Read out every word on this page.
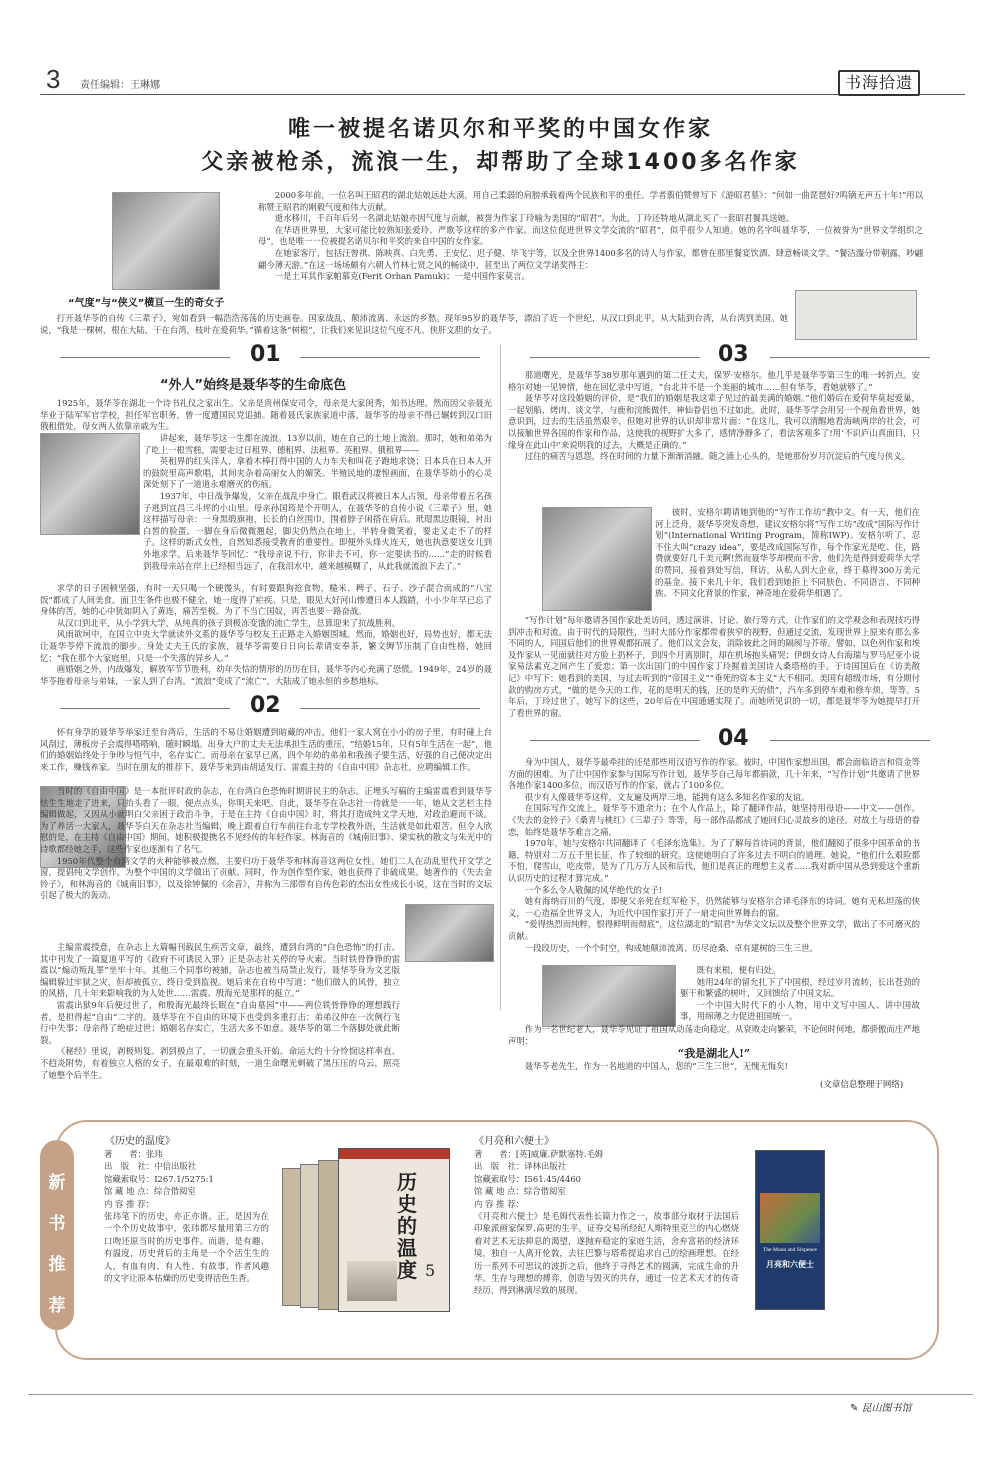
3 责任编辑：王琳娜	书海拾遗
唯一被提名诺贝尔和平奖的中国女作家
父亲被枪杀，流浪一生，却帮助了全球1400多名作家
“气度”与“侠义”横亘一生的奇女子

2000多年前，一位名叫王昭君的湖北姑娘远赴大漠，用自己柔弱的肩膀承载着两个民族和平的重任。学者翦伯赞曾写下《游昭君墓》：“何如一曲琵琶好?鸣镝无声五十年!”用以称赞王昭君的刚毅气度和伟大贡献。

逝水移川，千百年后另一名湖北姑娘亦因气度与贡献，被誉为作家丁玲喻为美国的“昭君”。为此，丁玲还特地从湖北买了一套昭君餐具送她。

在华语世界里，大家可能比较熟知张爱玲、严歌苓这样的多产作家。而这位促进世界文学交流的“昭君”，似乎很少人知道。她的名字叫聂华苓，一位被誉为“世界文学组织之母”，也是唯一一位被提名诺贝尔和平奖的来自中国的女作家。

在她家客厅，包括汪曾祺、陈映真、白先勇、王安忆、迟子健、毕飞宇等，以及全世界1400多名的诗人与作家，都曾在那里餐宴饮酒、肆意畅谈文学。“餐洁瀣分带朝露，吵翩翩今薄天游。”在这一场场颇有六朝人竹林七贤之风的畅谈中，甚至出了两位文学诺奖得主：

一是土耳其作家帕慕克(Ferit Orhan Pamuk)；一是中国作家莫言。

打开聂华苓的自传《三辈子》，宛如看到一幅浩浩荡荡的历史画卷。国家战乱、颠沛流离、永远的乡愁。现年95岁的聂华苓，漂泊了近一个世纪，从汉口到北平，从大陆到台湾，从台湾到美国。她说，“我是一棵树，根在大陆，干在台湾，枝叶在爱荷华。”循着这条“树根”，让我们来见识这位气度不凡、侠肝义胆的女子。

01
“外人”始终是聂华苓的生命底色

1925年，聂华苓在湖北一个诗书礼仪之家出生。父亲是贵州保安司令，母亲是大家闺秀，知书达理。然而因父亲聂光华业于陆军军官学校，担任军官职务，曾一度遭国民党追捕。随着聂氏家族家道中落，聂华苓的母亲不得已辗转到汉口旧俄租借处，母女两人依靠亲戚为生。

讲起来，聂华苓这一生都在流浪。13岁以前，她在自己的土地上流浪。那时，她和弟弟为了吃上一根雪糕，需要走过日租界、德租界、法租界、英租界、俄租界——

英租界的红头洋人，拿着木棒打得中国的人力车夫和叫花子跑地求饶；日本兵在日本人开的鼓院里高声歌唱，其间夹杂着高丽女人的媚笑。半殖民地的凄惶画面，在聂华苓幼小的心灵深处刻下了一道道永难磨灭的伤痕。

1937年，中日战争爆发，父亲在战乱中身亡。眼看武汉将被日本人占领，母亲带着五名孩子逃到宜昌三斗坪的小山里。母亲孙国筠是个开明人，在聂华苓的自传小说《三辈子》里，她这样描写母亲：一身黑缎旗袍，长长的白丝围巾，围着脖子闲搭在肩后。玳瑁黑边眼镜，衬出白皙的脸蛋。一脚在身后微微翘起，脚尖仍然点在地上，半转身微笑着，要走又走不了的样子。这样的新式女性，自然知悉接受教育的重要性。即便外头烽火连天，她也执意要送女儿到外地求学。后来聂华苓回忆：“我母亲说不行，你非去不可，你一定要读书的……”走的时候看到我母亲站在岸上已经相当远了，在我泪水中，越来越模糊了，从此我就流浪下去了。”

求学的日子困顿坚强，有时一天只喝一个硬馒头，有时要跟狗抢食物，糙米、稗子、石子、沙子混合而成的“八宝饭”都成了人间美食。面卫生条件也极不健全，她一度得了疟疾。只是，眼见大好河山惨遭日本人践踏，小小少年早已忘了身体的苦，她的心中犹如阴入了黄连，痛苦至极。为了不当亡国奴，再苦也要一路奋战。

从汉口到北平，从小学到大学，从纯真的孩子到极冻变饿的流亡学生，总算迎来了抗战胜利。

风雨欲坷中，在国立中央大学就读外文系的聂华苓与校友王正路走入婚姻围城。然而，婚姻也好，局势也好，都无法让聂华苓停下流浪的脚步。身处丈夫王氏的家族，聂华苓需要日日向长辈请安奉茶，繁文缛节压制了自由性格，她回忆：“我在那个大家庭里，只是一个失落的异乡人。”

画婚姻之外，内战爆发，解放军节节胜利，幼年失怙的情形的历历在目，聂华苓内心充满了恐慌。1949年，24岁的聂华苓拖着母亲与弟妹，一家人到了台湾。“流浪”变成了“流亡”，大陆成了她永恒的乡愁地标。

02

怀有身孕的聂华苓举家迁至台湾后，生活的不易让婚姻遭到暗藏的冲击。他们一家人窝在小小的房子里，有时碰上台风刮过，薄板房子会震得嗒嗒响，随时瞬塌。出身大户的丈夫无法承担生活的重压，“结婚15年，只有5年生活在一起”，他们的婚姻始终处于争吵与恒气中，名存实亡。而母亲在家早已离，四个年幼的弟弟和我孩子要生活，好强的自己便决定出来工作，赚钱养家。当时在朋友的推荐下，聂华苓来到由胡适发行、雷震主持的《自由中国》杂志社，应聘编辑工作。

当时的《自由中国》是一本批评时政的杂志，在台湾白色恐怖时期讲民主的杂志。正埋头写稿的主编雷震看到聂华苓怯生生地走了进来，只抬头看了一眼，便点点头，你明天来吧。自此，聂华苓在杂志社一待就是一一年，她从文艺栏主持编辑做起，又因从小就明白父亲困于政治斗争，于是在主持《自由中国》时，将其打造成纯文学天地，对政治避而不谈。为了养活一大家人，聂华苓白天在杂志社当编辑，晚上跟着自行车前往台北专学校教外语，生活就是如此艰苦。但令人欣慰的是，在主持《自由中国》期间，她积极提携名不见经传的年轻作家。林海音的《城南旧事》、梁实秋的散文与朱光中的诗歌都经她之手，这些作家也逐渐有了名气。

1950年代整个台湾文学的火种能够被点燃，主要归功于聂华苓和林海音这两位女性。她们二人在动乱里代开文学之窗，提倡纯文学创作，为整个中国的文学做出了贡献。同时，作为创作型作家，她也获得了非硫成果。她著作的《失去金铃子》，和林海音的《城南旧事》，以及徐钟佩的《余音》，并称为三部带有自传色彩的杰出女性成长小说，这在当时的文坛引起了极大的轰动。

主编雷震授意，在杂志上大篇幅刊载民生疾苦文章，最终，遭到台湾的“白色恐怖”的打击。其中刊发了一篇夏道平写的《政府不可诱民入罪》正是杂志社关停的导火索。当时铁骨铮铮的雷震以“煽动叛乱罪”坐牢十年。其他三个同事均被捕，杂志也被当局禁止发行，聂华苓身为文艺版编辑躲过牢狱之灾，但却被孤立，终日受到监视。她后来在自传中写道：“他们做人的风骨，独立的风格，几十年来影响我的为人处世……雷震、殷海光是那样的挺立。”

雷震出狱9年后便过世了，和殷海光最终长眠在“自由墓园”中——两位铁骨铮铮的理想践行者，是担得起“自由”二字的。聂华苓在不自由的环境下也受到多重打击：弟弟汉仲在一次例行飞行中失事；母亲得了绝症过世；婚姻名存实亡，生活大多不如意。聂华苓的第二个落脚处就此断裂。

《秘经》里说，剥极则复。剥到极点了，一切就会重头开始。命运大约十分怜悯这样率直、不趋炎附势，有着独立人格的女子，在最艰难的时刻，一道生命曙光刺破了黑压压的乌云，照亮了她整个后半生。

03

那道曙光，是聂华苓38岁那年遇到的第二任丈夫，保罗·安格尔。他几乎是聂华苓第三生的唯一转折点。安格尔对她一见钟情，他在回忆录中写道，“台北并不是一个美丽的城市……但有华苓，看她就够了。”

聂华苓对这段婚姻的评价，是“我们的婚姻是我这辈子见过的最美满的婚姻。”他们婚后在爱荷华莫起爱巢，一起划船、烤肉、谈文学，与鹿和浣熊做伴，神仙眷侣也不过如此。此时，聂华苓学会用另一个视角看世界，她意识到，过去的生活虽然艰辛，但她对世界的认识却非常片面：“在这儿，我可以清醒地看海峡两岸的社会，可以接触世界各国的作家和作品，这使我的视野扩大多了，感情净静多了，看法客观多了!用‘不识庐山真面目，只缘身在此山中’来说明我的过去，大概是正确的。”

过往的痛苦与恩怨，终在时间的力量下渐渐消融。随之涌上心头的，是她那份岁月沉淀后的气度与侠义。

彼时，安格尔聘请她到他的“写作工作坊”教中文。有一天，他们在河上泛舟，聂华苓突发奇想，建议安格尔将“写作工坊”改成“国际写作计划”(International Writing Program，简称IWP)。安格尔听了，忍不住大叫“crazy idea”，要是改成国际写作，每个作家光是吃、住，路费就要好几千美元啊!然而聂华苓却楔而不舍，他们先是得到爱荷华大学的赞同，接着到处写信，拜访，从私人到大企业，终于募得300万美元的基金。接下来几十年，我们看到她拒上不同肤色、不同语言、不同种族、不同文化背景的作家，神奇地在爱荷华相遇了。

“写作计划”每年邀请各国作家赴美访问，透过演讲、讨论、旅行等方式，让作家们的文学观念和表现技巧得到冲击和对流。由于时代的局限性，当时大部分作家都带着狭窄的视野，但通过交流，发现世界上原来有那么多不同的人，同国后他们的世界观都拓展了。他们以文会友，消除彼此之间的隔阂与芥蒂。譬如，以色列作家和埃及作家从一见面就往对方脸上扔杯子，到四个月离别时，却在机场抱头痛哭；伊朗女诗人台海瑞与罗马尼亚小说家易法素克之间产生了爱恋；第一次出国门的中国作家丁玲握着美国诗人桑塔格的手。于诗国国后在《访美散记》中写下：她看到的美国，与过去听到的“帝国主义”“垂死的资本主义”大不相同。美国有超级市场，有分期付款的购房方式，“做的是今天的工作，花的是明天的钱，还的是昨天的债”，汽车多到停车难和修车烦，等等。5年后，丁玲过世了，她写下的这些，20年后在中国通通实现了。而她所见识的一切，都是聂华苓为她提早打开了看世界的窗。

04

身为中国人，聂华苓最牵挂的还是那些用汉语写作的作家。彼时，中国作家想出国，都会面临语言和资金等方面的困难。为了让中国作家参与国际写作计划，聂华苓自己每年都捐款，几十年来，“写作计划”共邀请了世界各地作家1400多位，而汉语写作的作家，就占了100多位。

很少有人像聂华苓这样，文友遍及两岸三地，能拥有这么多知名作家的友谊。

在国际写作交流上，聂华苓不遗余力；在个人作品上，除了翻译作品，她坚持用母语——中文——创作。《失去的金铃子》《桑青与桃红》《三辈子》等等，每一部作品都成了她回归心灵故乡的途径。对故土与母语的眷恋，始终是聂华苓难言之痛。

1970年，她与安格尔共同翻译了《毛泽东选集》。为了了解每首诗词的背景，他们翻阅了很多中国革命的书籍，特别对二万五千里长征，作了较细的研究。这使她明白了许多过去不明白的道理。她说，“他们什么艰险都不怕，爬雪山，吃皮带，是为了几万万人民和后代，他们是真正的理想主义者……我对新中国从恐到爱这个重新认识历史的过程才算完成。”

一个多么令人敬佩的风华绝代的女子!

她有海纳百川的气度，即便父亲死在红军枪下，仍然能够与安格尔合译毛泽东的诗词。她有无私坦荡的侠义，一心造福全世界文人，为近代中国作家打开了一扇走向世界舞台的窗。

“爱得热烈而纯粹，恨得鲜明而彻底”，这位湖北的“昭君”为华文文坛以及整个世界文学，做出了不可磨灭的贡献。

一段段历史，一个个时空，构成她颠沛流离、历尽沧桑、卓有建树的三生三世。

既有来根，便有归处。

她用24年的留允扎下了中国根，经过岁月流转，长出苍劲的躯干和繁盛的树叶，又回馈给了中国文坛。

一个中国大时代下的小人物，用中文写中国人、讲中国故事，用绵薄之力促进祖国统一。

作为一名世纪老人，聂华苓见证了祖国从动荡走向稳定，从衰败走向繁荣，不论何时何地，都骄傲而庄严地声明：

“我是湖北人!”

聂华苓老先生，作为一名地道的中国人，您的“三生三世”，无愧无悔矣!

(文章信息整理于网络)
新
书
推
荐
《历史的温度》

著　　者：张玮

出　版　社：中信出版社

馆藏索取号：I267.1/5275:1

馆 藏 地 点：综合借阅室

内 容 推 荐：

张玮笔下的历史，亦正亦谐。正，是因为在一个个历史故事中，张玮都尽量用第三方的口吻还原当时的历史事件。而谐，是有趣、有温度，历史背后的主角是一个个活生生的人，有血有肉、有人性、有故事，作者风趣的文字让原本枯燥的历史变得活色生香。

历史的温度 5
《月亮和六便士》

著　　者：[英]威廉.萨默塞特.毛姆

出　版　社：译林出版社

馆藏索取号：I561.45/4460

馆 藏 地 点：综合借阅室

内 容 推 荐：

《月亮和六便士》是毛姆代表性长篇力作之一，故事部分取材于法国后印象派画家保罗.高更的生平。证券交易所经纪人斯特里克兰的内心燃烧着对艺术无法抑息的渴望，遂抛弃稳定的家庭生活，舍弃富裕的经济环境，独自一人离开伦敦，去往巴黎与塔希提追求自己的绘画理想。在经历一系列不可思议的波折之后，他终于寻得艺术的圆满，完成生命的升华。生存与理想的搏弈，创造与毁灭的共存，通过一位艺术天才的传奇经历，得到淋漓尽致的展现。

The Moon and Sixpence
月亮和六便士
✎ 昆山图书馆
